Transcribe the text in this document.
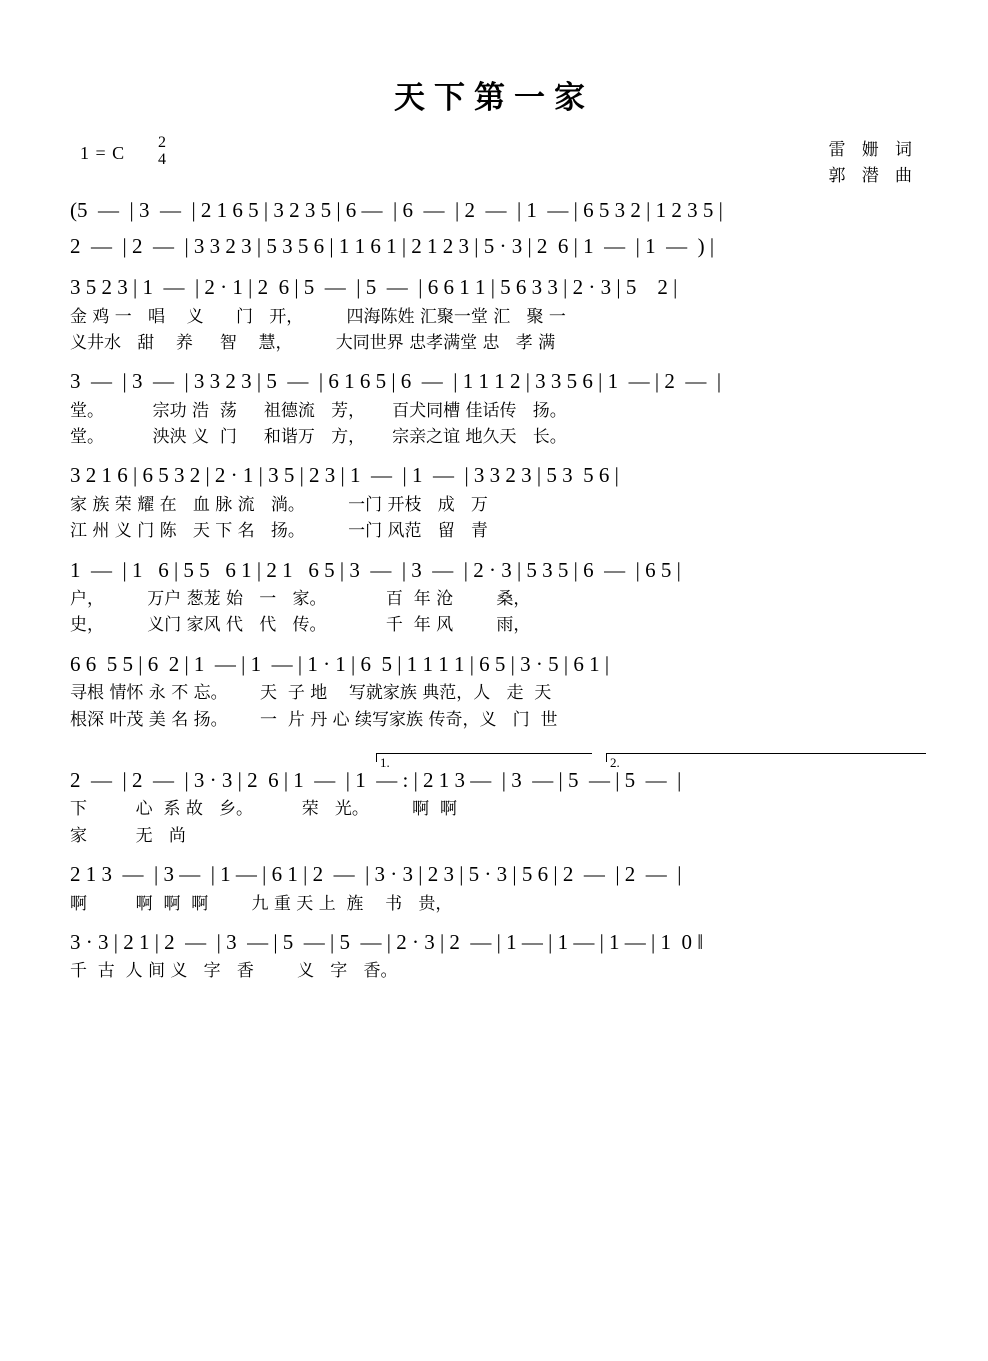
天下第一家
1 = C
2
4
雷 姗 词
郭 潜 曲
(5  —  | 3  —  | 2 1 6 5 | 3 2 3 5 | 6 —  | 6  —  | 2  —  | 1  — | 6 5 3 2 | 1 2 3 5 |
2  —  | 2  —  | 3 3 2 3 | 5 3 5 6 | 1 1 6 1 | 2 1 2 3 | 5 · 3 | 2  6 | 1  —  | 1  —  ) |
3 5 2 3 | 1  —  | 2 · 1 | 2  6 | 5  —  | 5  —  | 6 6 1 1 | 5 6 3 3 | 2 · 3 | 5    2 |
金 鸡 一   唱    义      门   开，        四海陈姓 汇聚一堂 汇   聚 一
义井水   甜    养     智    慧，        大同世界 忠孝满堂 忠   孝 满
3  —  | 3  —  | 3 3 2 3 | 5  —  | 6 1 6 5 | 6  —  | 1 1 1 2 | 3 3 5 6 | 1  — | 2  —  |
堂。         宗功 浩  荡     祖德流   芳，     百犬同槽 佳话传   扬。
堂。         泱泱 义  门     和谐万   方，     宗亲之谊 地久天   长。
3 2 1 6 | 6 5 3 2 | 2 · 1 | 3 5 | 2 3 | 1  —  | 1  —  | 3 3 2 3 | 5 3  5 6 |
家 族 荣 耀 在   血 脉 流   淌。        一门 开枝   成   万
江 州 义 门 陈   天 下 名   扬。        一门 风范   留   青
1  —  | 1   6 | 5 5   6 1 | 2 1   6 5 | 3  —  | 3  —  | 2 · 3 | 5 3 5 | 6  —  | 6 5 |
户，        万户 葱茏 始   一   家。           百  年 沧        桑，
史，        义门 家风 代   代   传。           千  年 风        雨，
6 6  5 5 | 6  2 | 1  — | 1  — | 1 · 1 | 6  5 | 1 1 1 1 | 6 5 | 3 · 5 | 6 1 |
寻根 情怀 永 不 忘。      天  子 地    写就家族 典范，人   走  天
根深 叶茂 美 名 扬。      一  片 丹 心 续写家族 传奇，义   门  世
1.	2.
2  —  | 2  —  | 3 · 3 | 2  6 | 1  —  | 1  — : | 2 1 3 —  | 3  — | 5  — | 5  —  |
下         心  系 故   乡。         荣   光。        啊  啊
家         无   尚
2 1 3  —  | 3 —  | 1 — | 6 1 | 2  —  | 3 · 3 | 2 3 | 5 · 3 | 5 6 | 2  —  | 2  —  |
啊         啊  啊  啊        九 重 天 上  旌    书   贵，
3 · 3 | 2 1 | 2  —  | 3  — | 5  — | 5  — | 2 · 3 | 2  — | 1 — | 1 — | 1 — | 1  0 ‖
千  古  人 间 义   字   香        义   字   香。
